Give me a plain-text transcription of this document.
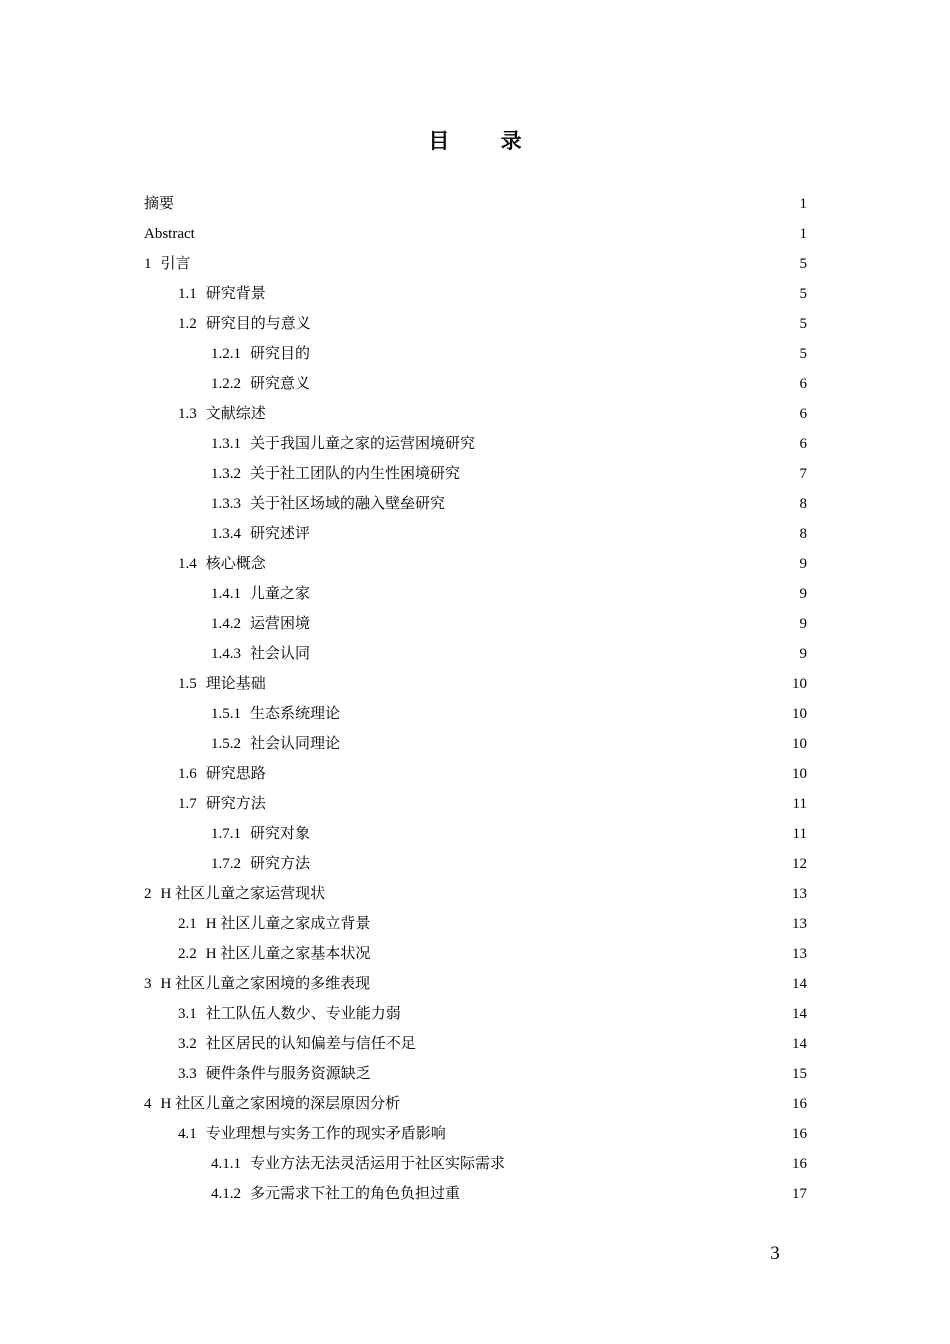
目 录
摘要	1
Abstract	1
1 引言	5
1.1 研究背景	5
1.2 研究目的与意义	5
1.2.1 研究目的	5
1.2.2 研究意义	6
1.3 文献综述	6
1.3.1 关于我国儿童之家的运营困境研究	6
1.3.2 关于社工团队的内生性困境研究	7
1.3.3 关于社区场域的融入壁垒研究	8
1.3.4 研究述评	8
1.4 核心概念	9
1.4.1 儿童之家	9
1.4.2 运营困境	9
1.4.3 社会认同	9
1.5 理论基础	10
1.5.1 生态系统理论	10
1.5.2 社会认同理论	10
1.6 研究思路	10
1.7 研究方法	11
1.7.1 研究对象	11
1.7.2 研究方法	12
2 H 社区儿童之家运营现状	13
2.1 H 社区儿童之家成立背景	13
2.2 H 社区儿童之家基本状况	13
3 H 社区儿童之家困境的多维表现	14
3.1 社工队伍人数少、专业能力弱	14
3.2 社区居民的认知偏差与信任不足	14
3.3 硬件条件与服务资源缺乏	15
4 H 社区儿童之家困境的深层原因分析	16
4.1 专业理想与实务工作的现实矛盾影响	16
4.1.1 专业方法无法灵活运用于社区实际需求	16
4.1.2 多元需求下社工的角色负担过重	17
3
